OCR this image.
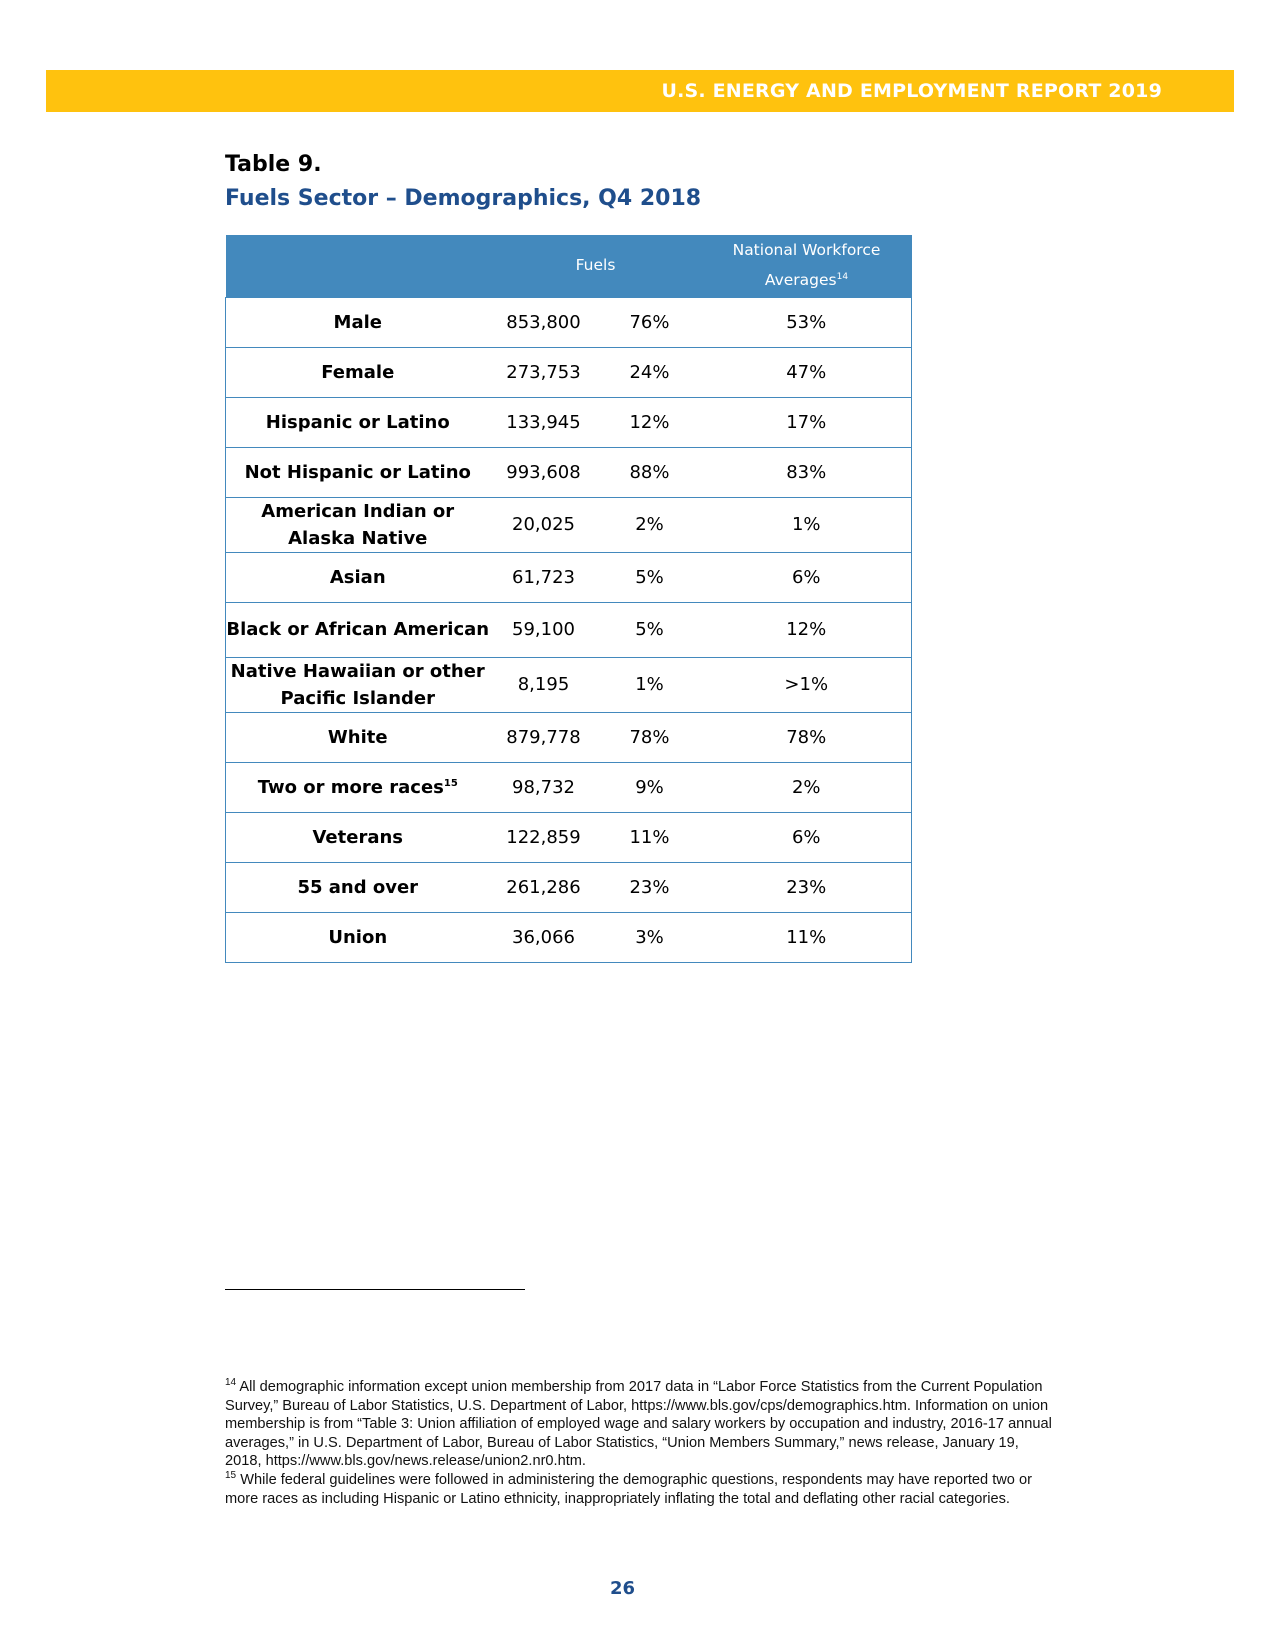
U.S. ENERGY AND EMPLOYMENT REPORT 2019
Table 9.
Fuels Sector – Demographics, Q4 2018
	Fuels		National Workforce
Averages$^{14}$
Male	853,800	76%	53%
Female	273,753	24%	47%
Hispanic or Latino	133,945	12%	17%
Not Hispanic or Latino	993,608	88%	83%
American Indian or Alaska Native	20,025	2%	1%
Asian	61,723	5%	6%
Black or African American	59,100	5%	12%
Native Hawaiian or other Pacific Islander	8,195	1%	>1%
White	879,778	78%	78%
Two or more races$^{15}$	98,732	9%	2%
Veterans	122,859	11%	6%
55 and over	261,286	23%	23%
Union	36,066	3%	11%

$^{14}$ All demographic information except union membership from 2017 data in “Labor Force Statistics from the Current Population Survey,” Bureau of Labor Statistics, U.S. Department of Labor, https://www.bls.gov/cps/demographics.htm. Information on union membership is from “Table 3: Union affiliation of employed wage and salary workers by occupation and industry, 2016-17 annual averages,” in U.S. Department of Labor, Bureau of Labor Statistics, “Union Members Summary,” news release, January 19, 2018, https://www.bls.gov/news.release/union2.nr0.htm.

$^{15}$ While federal guidelines were followed in administering the demographic questions, respondents may have reported two or more races as including Hispanic or Latino ethnicity, inappropriately inflating the total and deflating other racial categories.

26
